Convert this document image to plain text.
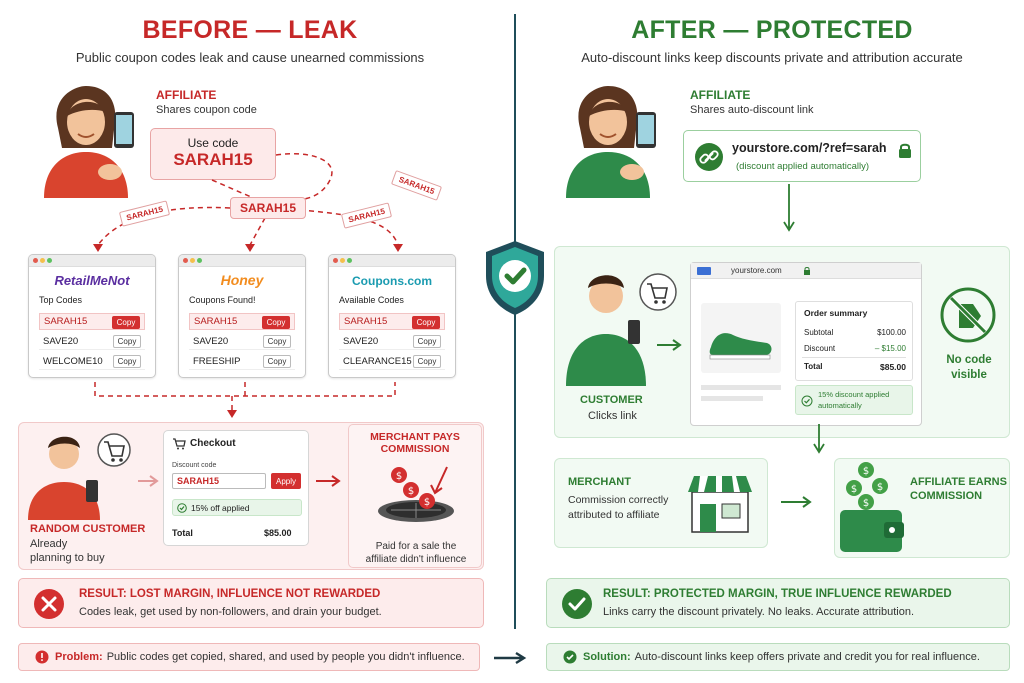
BEFORE — LEAK
Public coupon codes leak and cause unearned commissions
AFFILIATE
Shares coupon code
Use code
SARAH15
SARAH15
SARAH15	SARAH15
SARAH15
RetailMeNot
Top Codes
SARAH15	Copy
SAVE20	Copy
WELCOME10	Copy
Honey
Coupons Found!
SARAH15	Copy
SAVE20	Copy
FREESHIP	Copy
Coupons.com
Available Codes
SARAH15	Copy
SAVE20	Copy
CLEARANCE15 Copy
RANDOM CUSTOMER
Already
planning to buy
Checkout
Discount code
SARAH15	Apply
15% off applied
Total	$85.00
MERCHANT PAYS
COMMISSION
$
$
$
Paid for a sale the
affiliate didn't influence
RESULT: LOST MARGIN, INFLUENCE NOT REWARDED
Codes leak, get used by non-followers, and drain your budget.
Problem: Public codes get copied, shared, and used by people you didn't influence.
AFTER — PROTECTED
Auto-discount links keep discounts private and attribution accurate
AFFILIATE
Shares auto-discount link
yourstore.com/?ref=sarah
(discount applied automatically)
CUSTOMER
Clicks link
yourstore.com
Order summary
Subtotal	$100.00
Discount	– $15.00
Total	$85.00
15% discount applied
automatically
No code
visible
MERCHANT
Commission correctly
attributed to affiliate
$
$ $
$
AFFILIATE EARNS
COMMISSION
RESULT: PROTECTED MARGIN, TRUE INFLUENCE REWARDED
Links carry the discount privately. No leaks. Accurate attribution.
Solution: Auto-discount links keep offers private and credit you for real influence.
